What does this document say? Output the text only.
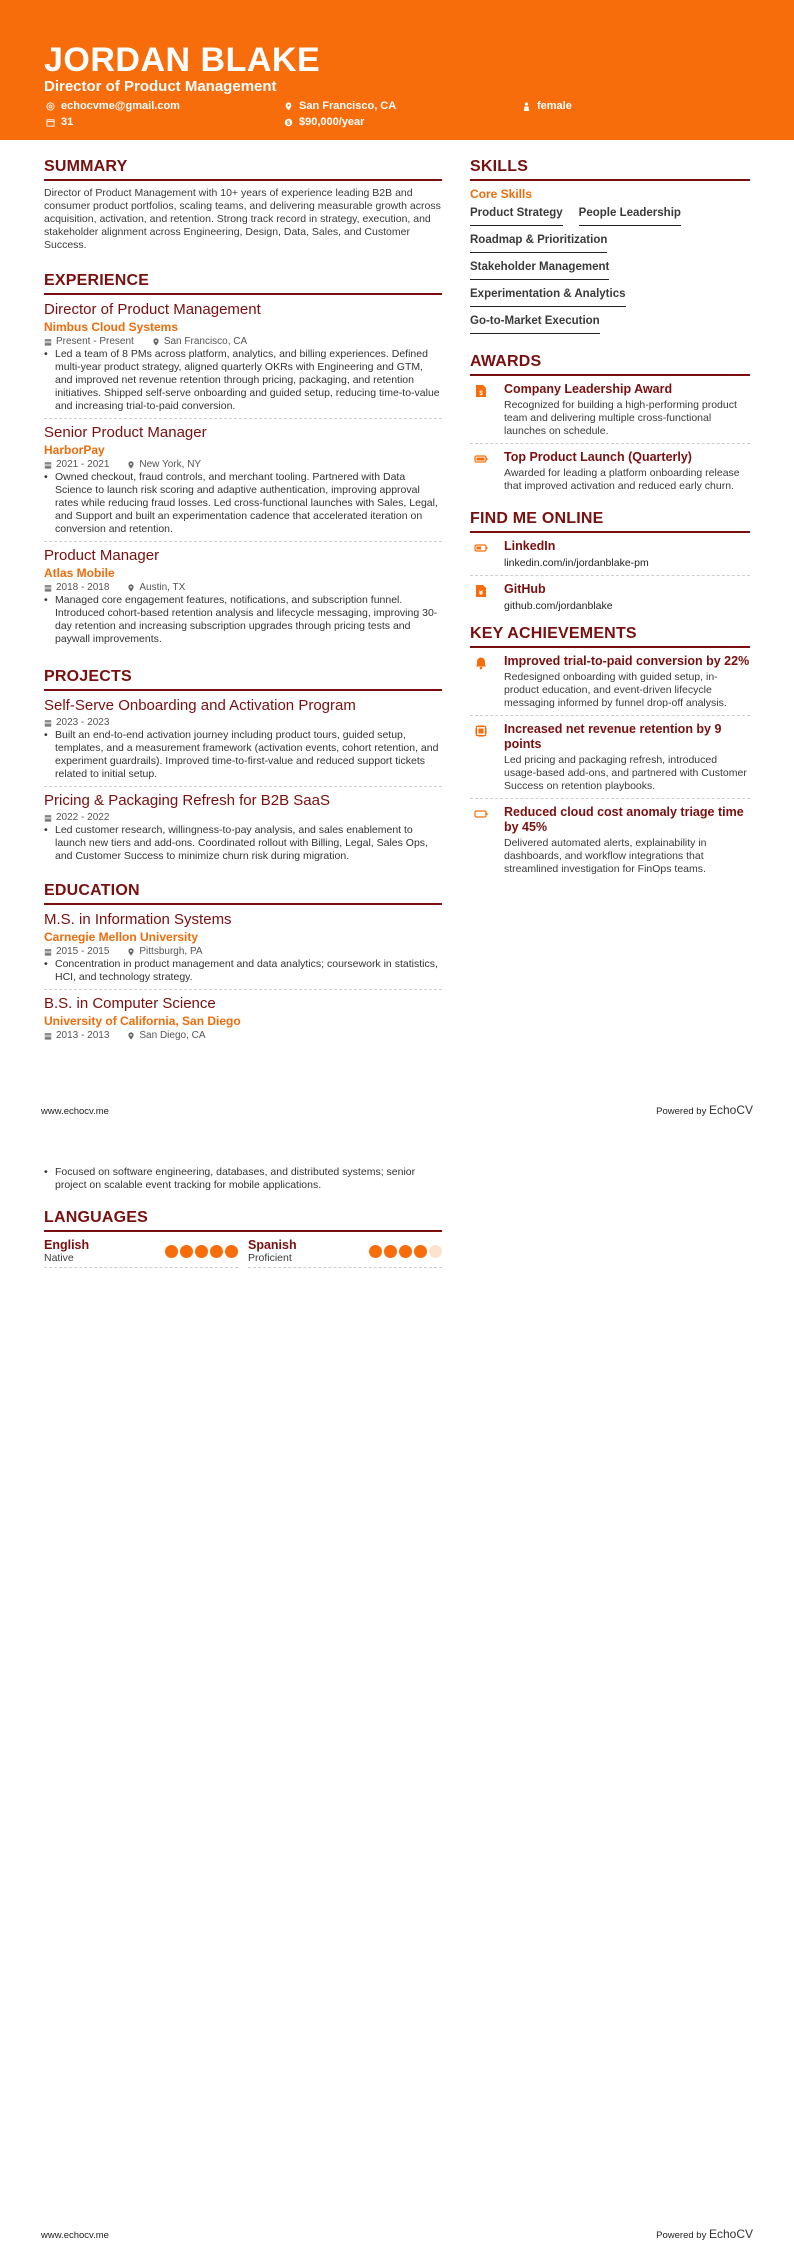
JORDAN BLAKE
Director of Product Management
echocvme@gmail.com	San Francisco, CA	female
31	$ $90,000/year
SUMMARY
Director of Product Management with 10+ years of experience leading B2B and consumer product portfolios, scaling teams, and delivering measurable growth across acquisition, activation, and retention. Strong track record in strategy, execution, and stakeholder alignment across Engineering, Design, Data, Sales, and Customer Success.
EXPERIENCE
Director of Product Management
Nimbus Cloud Systems
Present - Present	San Francisco, CA
• Led a team of 8 PMs across platform, analytics, and billing experiences. Defined multi-year product strategy, aligned quarterly OKRs with Engineering and GTM, and improved net revenue retention through pricing, packaging, and retention initiatives. Shipped self-serve onboarding and guided setup, reducing time-to-value and increasing trial-to-paid conversion.
Senior Product Manager
HarborPay
2021 - 2021	New York, NY
• Owned checkout, fraud controls, and merchant tooling. Partnered with Data Science to launch risk scoring and adaptive authentication, improving approval rates while reducing fraud losses. Led cross-functional launches with Sales, Legal, and Support and built an experimentation cadence that accelerated iteration on conversion and retention.
Product Manager
Atlas Mobile
2018 - 2018	Austin, TX
• Managed core engagement features, notifications, and subscription funnel. Introduced cohort-based retention analysis and lifecycle messaging, improving 30-day retention and increasing subscription upgrades through pricing tests and paywall improvements.
PROJECTS
Self-Serve Onboarding and Activation Program
2023 - 2023
• Built an end-to-end activation journey including product tours, guided setup, templates, and a measurement framework (activation events, cohort retention, and experiment guardrails). Improved time-to-first-value and reduced support tickets related to initial setup.
Pricing & Packaging Refresh for B2B SaaS
2022 - 2022
• Led customer research, willingness-to-pay analysis, and sales enablement to launch new tiers and add-ons. Coordinated rollout with Billing, Legal, Sales Ops, and Customer Success to minimize churn risk during migration.
EDUCATION
M.S. in Information Systems
Carnegie Mellon University
2015 - 2015	Pittsburgh, PA
• Concentration in product management and data analytics; coursework in statistics, HCI, and technology strategy.
B.S. in Computer Science
University of California, San Diego
2013 - 2013	San Diego, CA
SKILLS
Core Skills
Product Strategy People Leadership
Roadmap & Prioritization
Stakeholder Management
Experimentation & Analytics
Go-to-Market Execution
AWARDS
$ Company Leadership Award
Recognized for building a high-performing product team and delivering multiple cross-functional launches on schedule.
Top Product Launch (Quarterly)
Awarded for leading a platform onboarding release that improved activation and reduced early churn.
FIND ME ONLINE
LinkedIn
linkedin.com/in/jordanblake-pm
¥ GitHub
github.com/jordanblake
KEY ACHIEVEMENTS
Improved trial-to-paid conversion by 22%
Redesigned onboarding with guided setup, in-product education, and event-driven lifecycle messaging informed by funnel drop-off analysis.
Increased net revenue retention by 9 points
Led pricing and packaging refresh, introduced usage-based add-ons, and partnered with Customer Success on retention playbooks.
Reduced cloud cost anomaly triage time by 45%
Delivered automated alerts, explainability in dashboards, and workflow integrations that streamlined investigation for FinOps teams.
www.echocv.me	Powered by EchoCV
• Focused on software engineering, databases, and distributed systems; senior project on scalable event tracking for mobile applications.
LANGUAGES
English
Native
Spanish
Proficient
www.echocv.me	Powered by EchoCV
